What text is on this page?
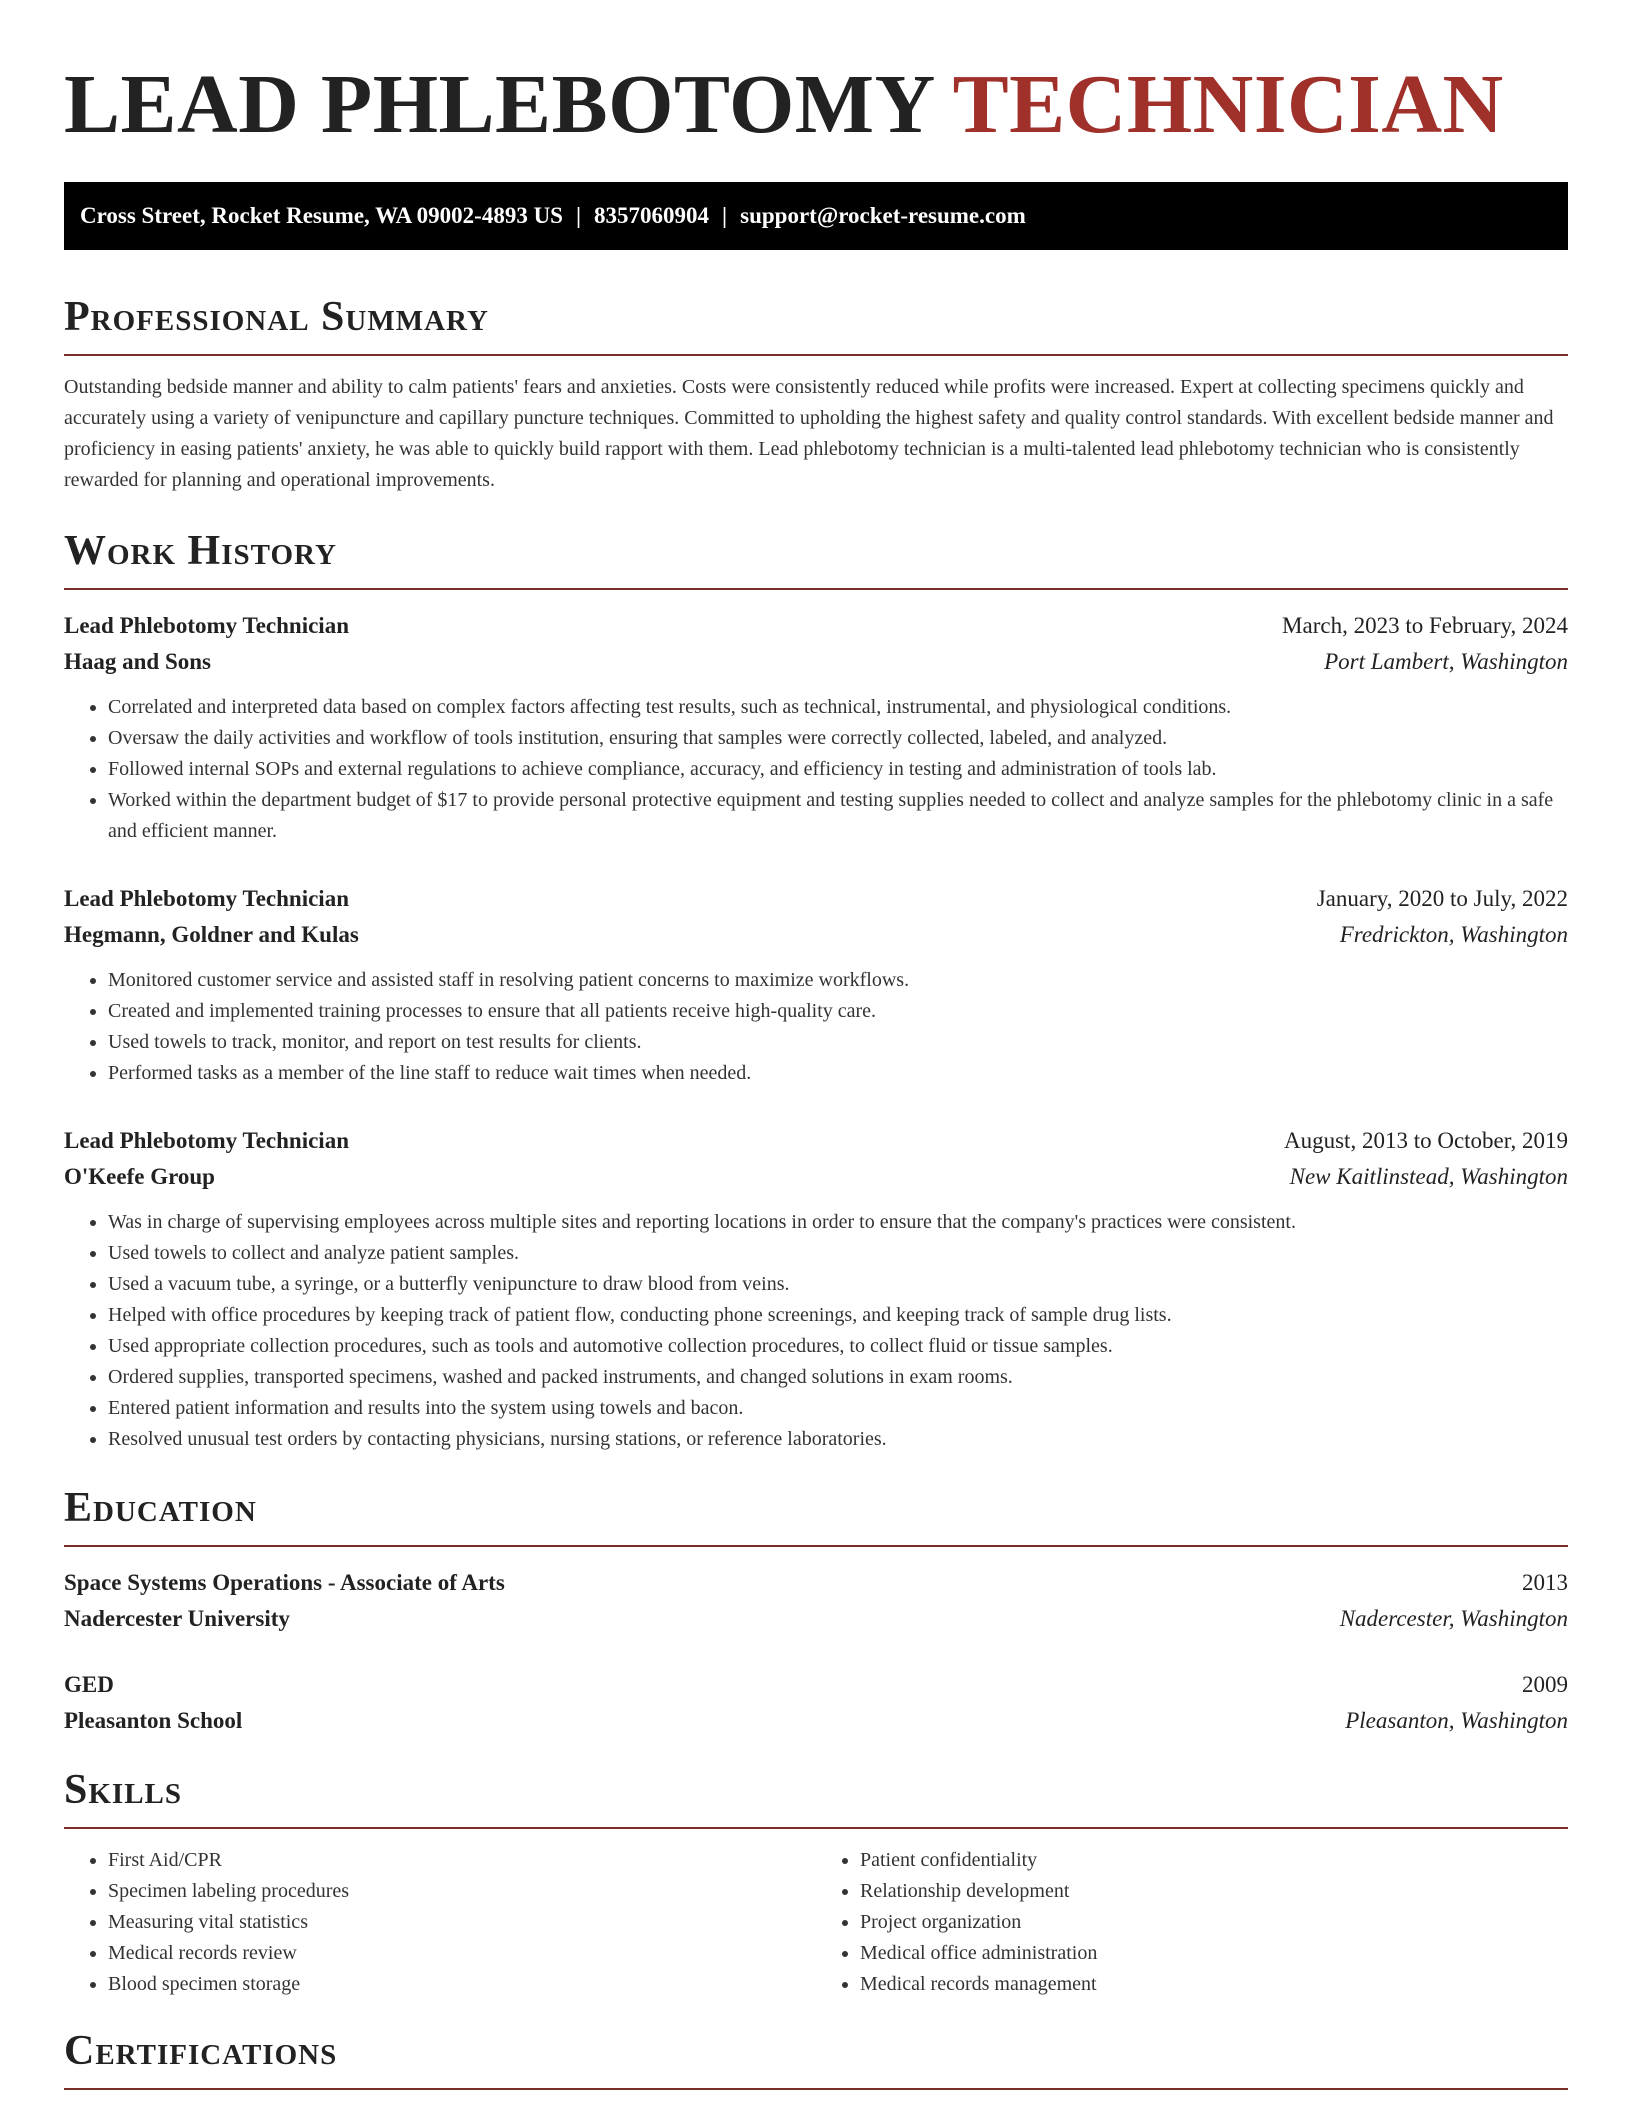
LEAD PHLEBOTOMY TECHNICIAN
Cross Street, Rocket Resume, WA 09002-4893 US | 8357060904 | support@rocket-resume.com
Professional Summary

Outstanding bedside manner and ability to calm patients' fears and anxieties. Costs were consistently reduced while profits were increased. Expert at collecting specimens quickly and accurately using a variety of venipuncture and capillary puncture techniques. Committed to upholding the highest safety and quality control standards. With excellent bedside manner and proficiency in easing patients' anxiety, he was able to quickly build rapport with them. Lead phlebotomy technician is a multi-talented lead phlebotomy technician who is consistently rewarded for planning and operational improvements.

Work History
Lead Phlebotomy Technician	March, 2023 to February, 2024
Haag and Sons	Port Lambert, Washington
• Correlated and interpreted data based on complex factors affecting test results, such as technical, instrumental, and physiological conditions.
• Oversaw the daily activities and workflow of tools institution, ensuring that samples were correctly collected, labeled, and analyzed.
• Followed internal SOPs and external regulations to achieve compliance, accuracy, and efficiency in testing and administration of tools lab.
• Worked within the department budget of $17 to provide personal protective equipment and testing supplies needed to collect and analyze samples for the phlebotomy clinic in a safe and efficient manner.
Lead Phlebotomy Technician	January, 2020 to July, 2022
Hegmann, Goldner and Kulas	Fredrickton, Washington
• Monitored customer service and assisted staff in resolving patient concerns to maximize workflows.
• Created and implemented training processes to ensure that all patients receive high-quality care.
• Used towels to track, monitor, and report on test results for clients.
• Performed tasks as a member of the line staff to reduce wait times when needed.
Lead Phlebotomy Technician	August, 2013 to October, 2019
O'Keefe Group	New Kaitlinstead, Washington
• Was in charge of supervising employees across multiple sites and reporting locations in order to ensure that the company's practices were consistent.
• Used towels to collect and analyze patient samples.
• Used a vacuum tube, a syringe, or a butterfly venipuncture to draw blood from veins.
• Helped with office procedures by keeping track of patient flow, conducting phone screenings, and keeping track of sample drug lists.
• Used appropriate collection procedures, such as tools and automotive collection procedures, to collect fluid or tissue samples.
• Ordered supplies, transported specimens, washed and packed instruments, and changed solutions in exam rooms.
• Entered patient information and results into the system using towels and bacon.
• Resolved unusual test orders by contacting physicians, nursing stations, or reference laboratories.
Education
Space Systems Operations - Associate of Arts	2013
Nadercester University	Nadercester, Washington
GED	2009
Pleasanton School	Pleasanton, Washington
Skills
• First Aid/CPR
• Specimen labeling procedures
• Measuring vital statistics
• Medical records review
• Blood specimen storage
• Patient confidentiality
• Relationship development
• Project organization
• Medical office administration
• Medical records management
Certifications
